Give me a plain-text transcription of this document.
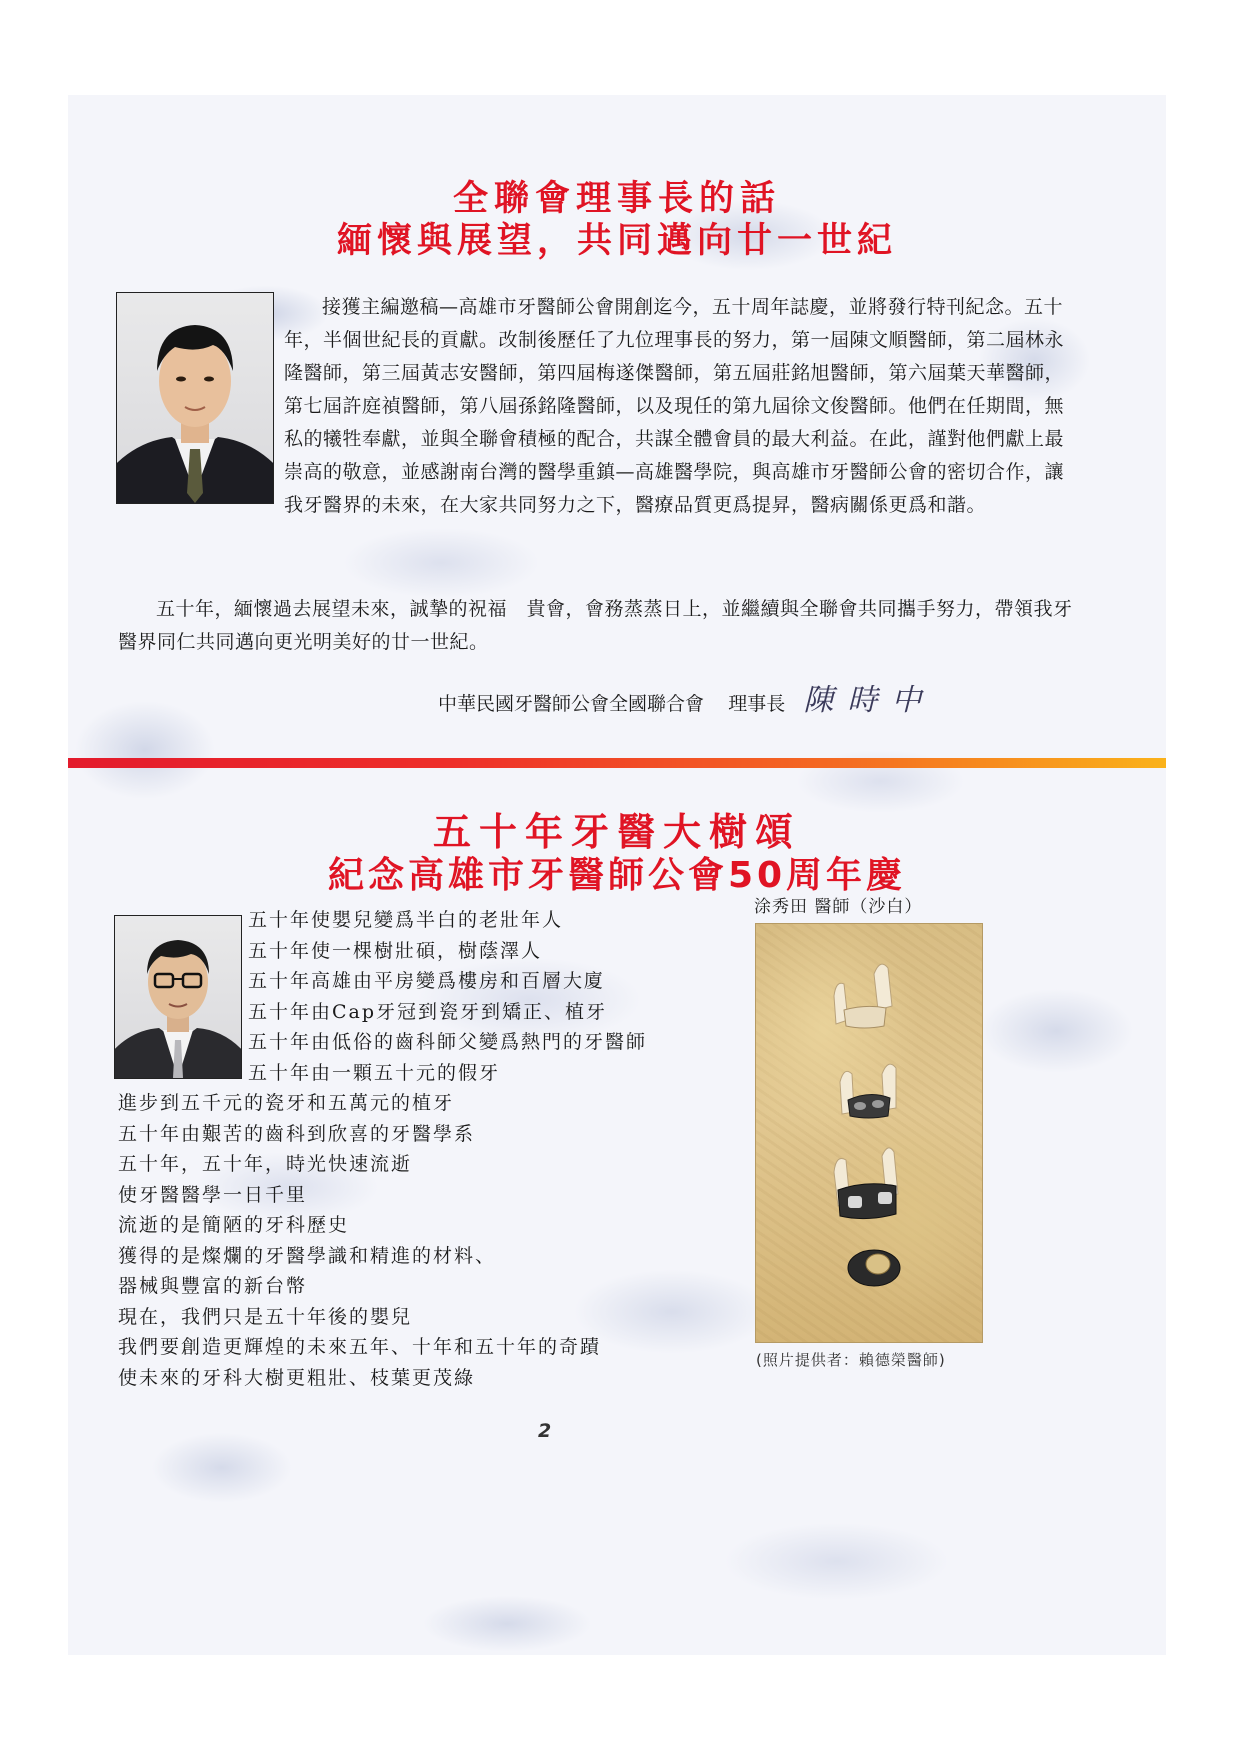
全聯會理事長的話
緬懷與展望，共同邁向廿一世紀

接獲主編邀稿—高雄市牙醫師公會開創迄今，五十周年誌慶，並將發行特刊紀念。五十年，半個世紀長的貢獻。改制後歷任了九位理事長的努力，第一屆陳文順醫師，第二屆林永隆醫師，第三屆黃志安醫師，第四屆梅遂傑醫師，第五屆莊銘旭醫師，第六屆葉天華醫師，第七屆許庭禎醫師，第八屆孫銘隆醫師，以及現任的第九屆徐文俊醫師。他們在任期間，無私的犧牲奉獻，並與全聯會積極的配合，共謀全體會員的最大利益。在此，謹對他們獻上最崇高的敬意，並感謝南台灣的醫學重鎮—高雄醫學院，與高雄市牙醫師公會的密切合作，讓我牙醫界的未來，在大家共同努力之下，醫療品質更爲提昇，醫病關係更爲和諧。

五十年，緬懷過去展望未來，誠摯的祝福　貴會，會務蒸蒸日上，並繼續與全聯會共同攜手努力，帶領我牙醫界同仁共同邁向更光明美好的廿一世紀。

中華民國牙醫師公會全國聯合會 理事長 陳時中
五十年牙醫大樹頌
紀念高雄市牙醫師公會50周年慶
涂秀田 醫師（沙白）
五十年使嬰兒變爲半白的老壯年人
五十年使一棵樹壯碩，樹蔭澤人
五十年高雄由平房變爲樓房和百層大廈
五十年由Cap牙冠到瓷牙到矯正、植牙
五十年由低俗的齒科師父變爲熱門的牙醫師
五十年由一顆五十元的假牙
進步到五千元的瓷牙和五萬元的植牙
五十年由艱苦的齒科到欣喜的牙醫學系
五十年，五十年，時光快速流逝
使牙醫醫學一日千里
流逝的是簡陋的牙科歷史
獲得的是燦爛的牙醫學識和精進的材料、
器械與豐富的新台幣
現在，我們只是五十年後的嬰兒
我們要創造更輝煌的未來五年、十年和五十年的奇蹟
使未來的牙科大樹更粗壯、枝葉更茂綠
(照片提供者：賴德榮醫師)
2
